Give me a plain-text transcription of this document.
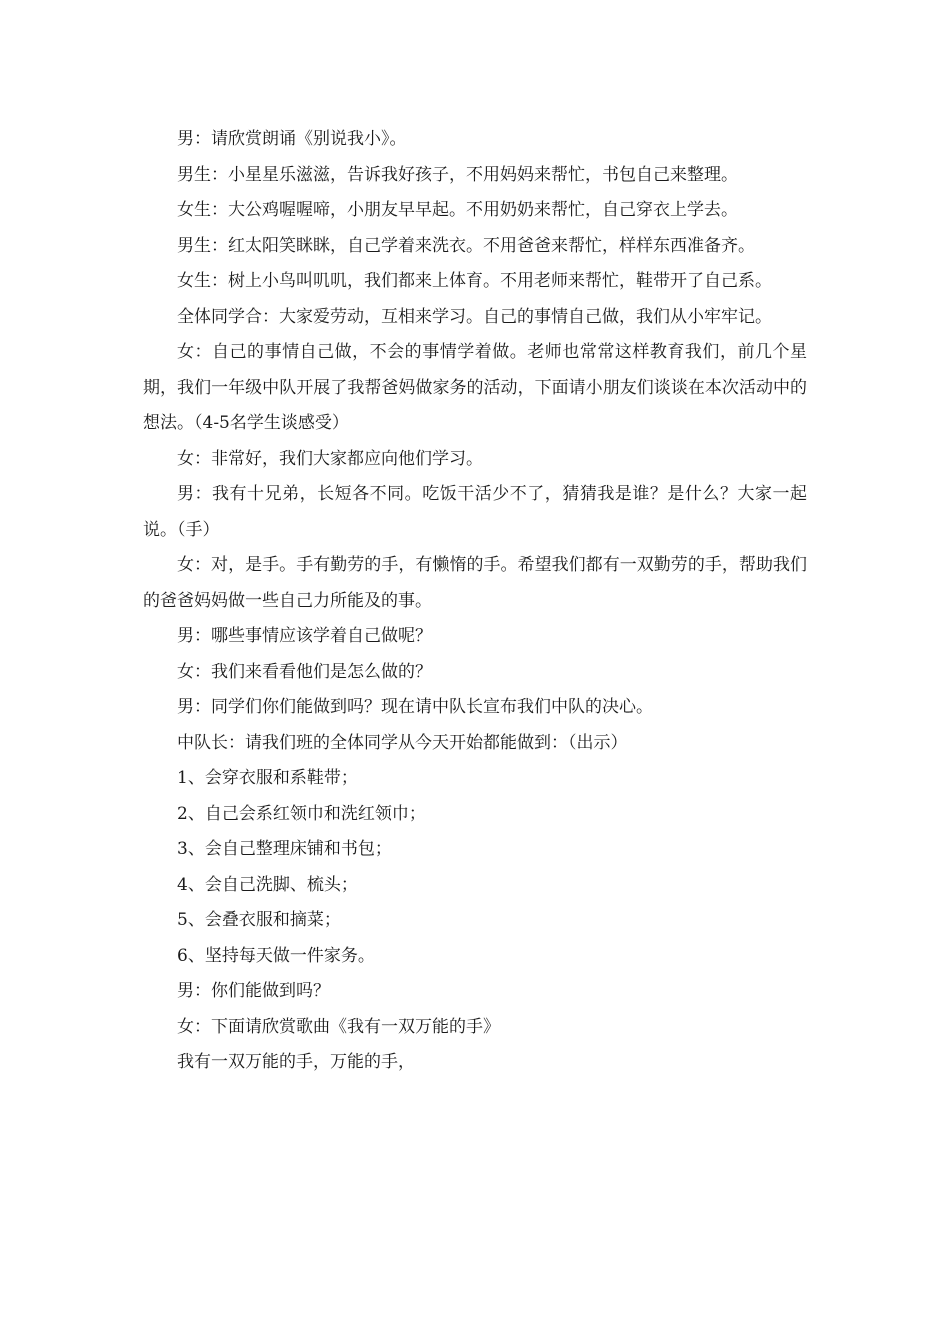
男：请欣赏朗诵《别说我小》。

男生：小星星乐滋滋，告诉我好孩子，不用妈妈来帮忙，书包自己来整理。

女生：大公鸡喔喔啼，小朋友早早起。不用奶奶来帮忙，自己穿衣上学去。

男生：红太阳笑眯眯，自己学着来洗衣。不用爸爸来帮忙，样样东西准备齐。

女生：树上小鸟叫叽叽，我们都来上体育。不用老师来帮忙，鞋带开了自己系。

全体同学合：大家爱劳动，互相来学习。自己的事情自己做，我们从小牢牢记。

女：自己的事情自己做，不会的事情学着做。老师也常常这样教育我们，前几个星期，我们一年级中队开展了我帮爸妈做家务的活动，下面请小朋友们谈谈在本次活动中的想法。（4-5名学生谈感受）

女：非常好，我们大家都应向他们学习。

男：我有十兄弟，长短各不同。吃饭干活少不了，猜猜我是谁？是什么？大家一起说。（手）

女：对，是手。手有勤劳的手，有懒惰的手。希望我们都有一双勤劳的手，帮助我们的爸爸妈妈做一些自己力所能及的事。

男：哪些事情应该学着自己做呢？

女：我们来看看他们是怎么做的？

男：同学们你们能做到吗？现在请中队长宣布我们中队的决心。

中队长：请我们班的全体同学从今天开始都能做到：（出示）

1、会穿衣服和系鞋带；

2、自己会系红领巾和洗红领巾；

3、会自己整理床铺和书包；

4、会自己洗脚、梳头；

5、会叠衣服和摘菜；

6、坚持每天做一件家务。

男：你们能做到吗？

女：下面请欣赏歌曲《我有一双万能的手》

我有一双万能的手，万能的手，
